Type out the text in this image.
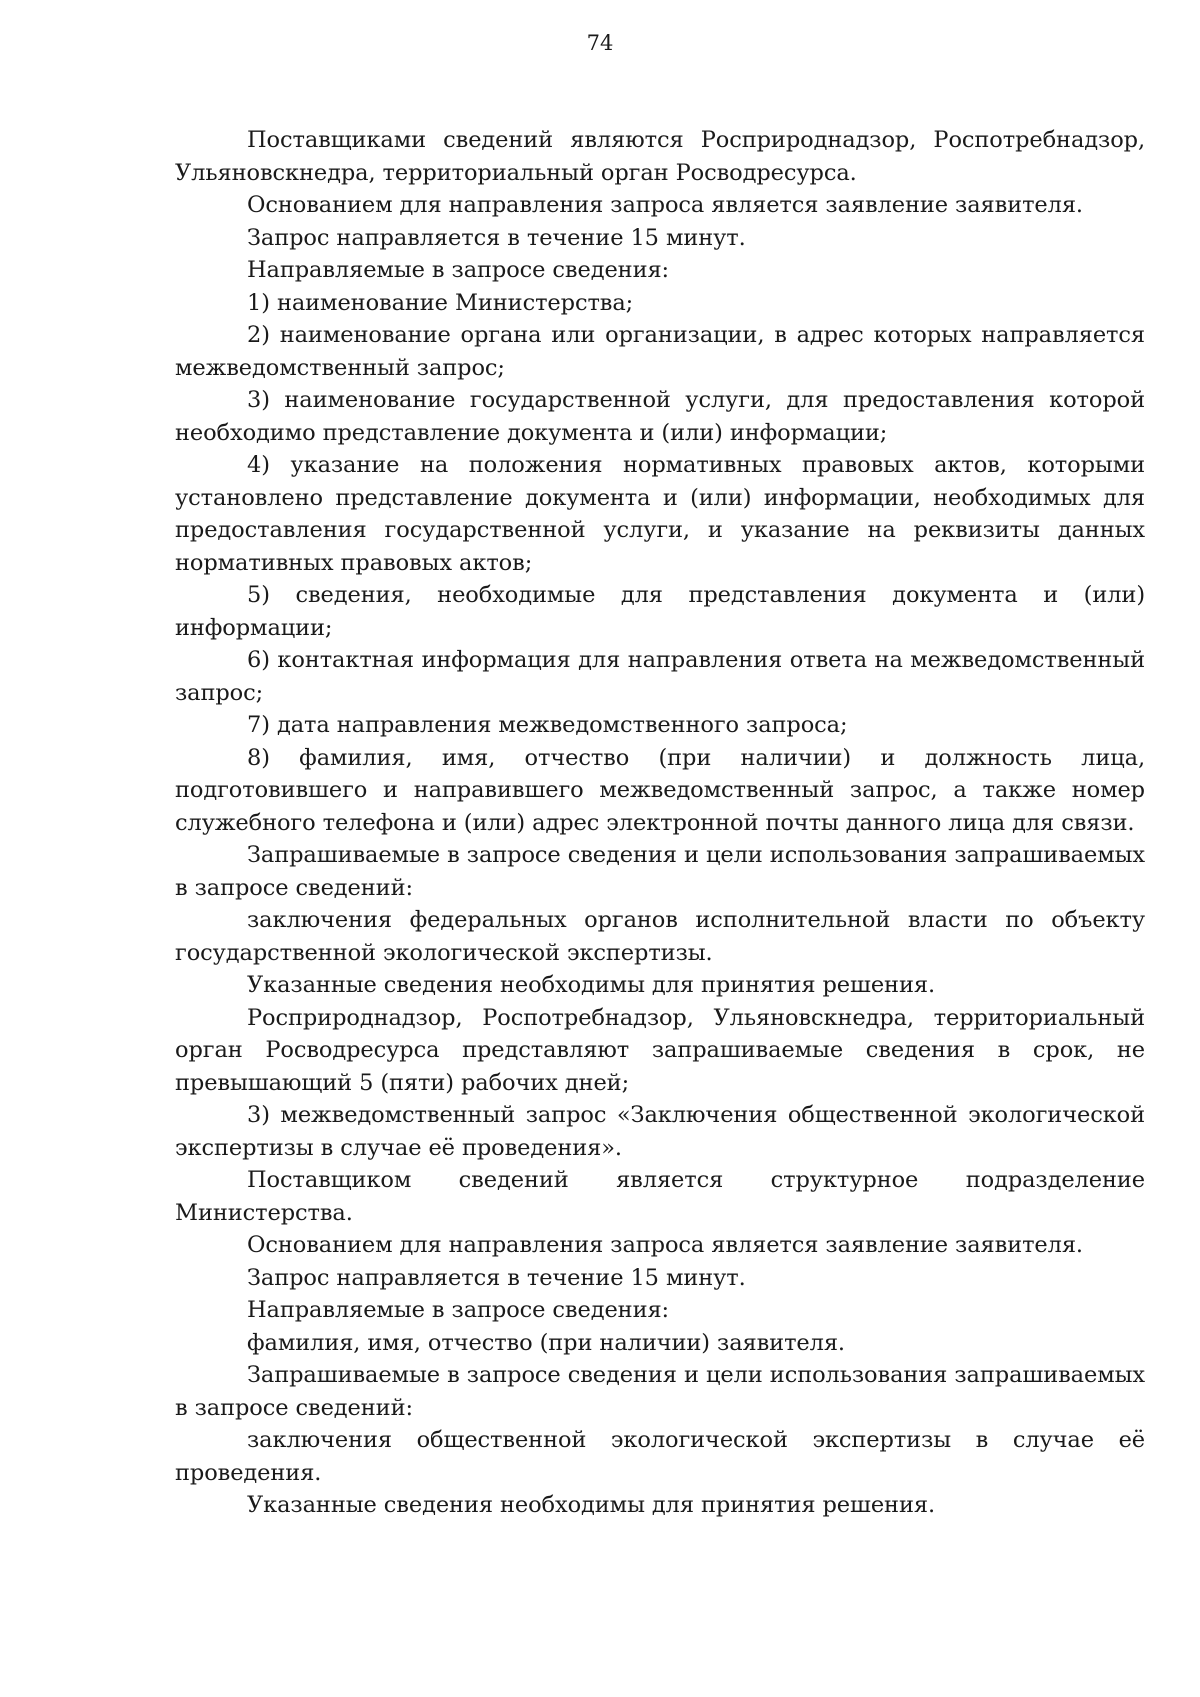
74

Поставщиками сведений являются Росприроднадзор, Роспотребнадзор, Ульяновскнедра, территориальный орган Росводресурса.

Основанием для направления запроса является заявление заявителя.

Запрос направляется в течение 15 минут.

Направляемые в запросе сведения:

1) наименование Министерства;

2) наименование органа или организации, в адрес которых направляется межведомственный запрос;

3) наименование государственной услуги, для предоставления которой необходимо представление документа и (или) информации;

4) указание на положения нормативных правовых актов, которыми установлено представление документа и (или) информации, необходимых для предоставления государственной услуги, и указание на реквизиты данных нормативных правовых актов;

5) сведения, необходимые для представления документа и (или) информации;

6) контактная информация для направления ответа на межведомственный запрос;

7) дата направления межведомственного запроса;

8) фамилия, имя, отчество (при наличии) и должность лица, подготовившего и направившего межведомственный запрос, а также номер служебного телефона и (или) адрес электронной почты данного лица для связи.

Запрашиваемые в запросе сведения и цели использования запрашиваемых в запросе сведений:

заключения федеральных органов исполнительной власти по объекту государственной экологической экспертизы.

Указанные сведения необходимы для принятия решения.

Росприроднадзор, Роспотребнадзор, Ульяновскнедра, территориальный орган Росводресурса представляют запрашиваемые сведения в срок, не превышающий 5 (пяти) рабочих дней;

3) межведомственный запрос «Заключения общественной экологической экспертизы в случае её проведения».

Поставщиком сведений является структурное подразделение Министерства.

Основанием для направления запроса является заявление заявителя.

Запрос направляется в течение 15 минут.

Направляемые в запросе сведения:

фамилия, имя, отчество (при наличии) заявителя.

Запрашиваемые в запросе сведения и цели использования запрашиваемых в запросе сведений:

заключения общественной экологической экспертизы в случае её проведения.

Указанные сведения необходимы для принятия решения.
